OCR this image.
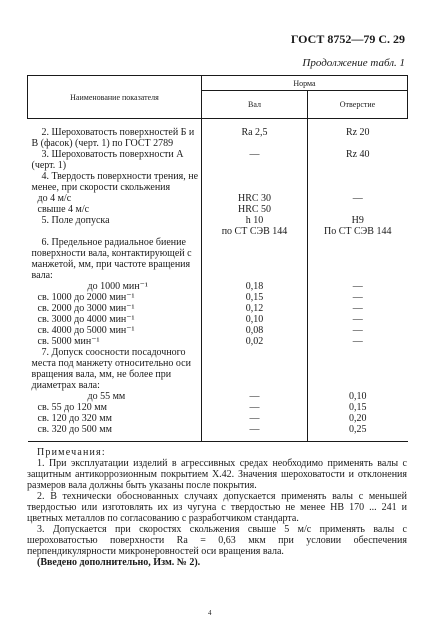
ГОСТ 8752—79 С. 29
Продолжение табл. 1
Наименование показателя	Норма	
	Вал	Отверстие

2. Шероховатость поверхностей Б и В (фасок) (черт. 1) по ГОСТ 2789	Ra 2,5	Rz 20

3. Шероховатость поверхности А (черт. 1)	—	Rz 40

4. Твердость поверхности трения, не менее, при скорости скольжения		

до 4 м/с	HRC 30	—

свыше 4 м/с	HRC 50	

5. Поле допуска	h 10	H9

	по СТ СЭВ 144	По СТ СЭВ 144

6. Предельное радиальное биение поверхности вала, контактирующей с манжетой, мм, при частоте вращения вала:		

до 1000 мин⁻¹	0,18	—

св. 1000 до 2000 мин⁻¹	0,15	—

св. 2000 до 3000 мин⁻¹	0,12	—

св. 3000 до 4000 мин⁻¹	0,10	—

св. 4000 до 5000 мин⁻¹	0,08	—

св. 5000 мин⁻¹	0,02	—

7. Допуск соосности посадочного места под манжету относительно оси вращения вала, мм, не более при диаметрах вала:		

до 55 мм	—	0,10

св. 55 до 120 мм	—	0,15

св. 120 до 320 мм	—	0,20

св. 320 до 500 мм	—	0,25

Примечания:
1. При эксплуатации изделий в агрессивных средах необходимо применять валы с защитным антикоррозионным покрытием Х.42. Значения шероховатости и отклонения размеров вала должны быть указаны после покрытия.
2. В технически обоснованных случаях допускается применять валы с меньшей твердостью или изготовлять их из чугуна с твердостью не менее НВ 170 ... 241 и цветных металлов по согласованию с разработчиком стандарта.
3. Допускается при скоростях скольжения свыше 5 м/с применять валы с шероховатостью поверхности Ra = 0,63 мкм при условии обеспечения перпендикулярности микронеровностей оси вращения вала.
(Введено дополнительно, Изм. № 2).
4
